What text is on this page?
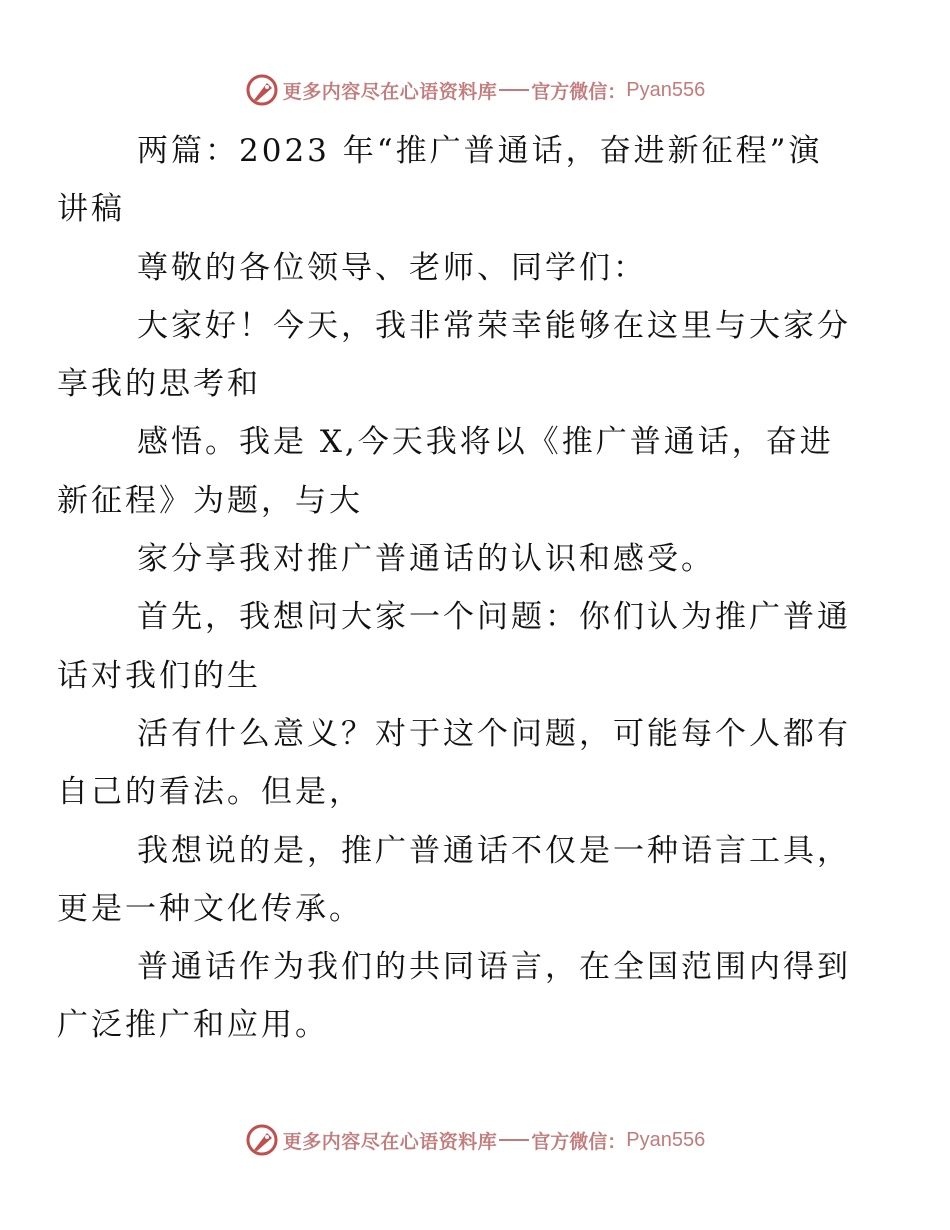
更多内容尽在心语资料库 官方微信： Pyan556
两篇：2023 年“推广普通话，奋进新征程”演
讲稿
尊敬的各位领导、老师、同学们：
大家好！今天，我非常荣幸能够在这里与大家分
享我的思考和
感悟。我是 X,今天我将以《推广普通话，奋进
新征程》为题，与大
家分享我对推广普通话的认识和感受。
首先，我想问大家一个问题：你们认为推广普通
话对我们的生
活有什么意义？对于这个问题，可能每个人都有
自己的看法。但是，
我想说的是，推广普通话不仅是一种语言工具，
更是一种文化传承。
普通话作为我们的共同语言，在全国范围内得到
广泛推广和应用。
更多内容尽在心语资料库 官方微信： Pyan556
